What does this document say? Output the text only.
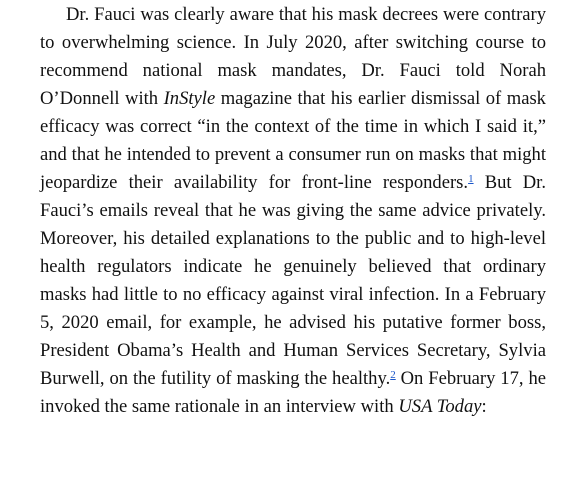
Dr. Fauci was clearly aware that his mask decrees were contrary to overwhelming science. In July 2020, after switching course to recommend national mask mandates, Dr. Fauci told Norah O’Donnell with InStyle magazine that his earlier dismissal of mask efficacy was correct “in the context of the time in which I said it,” and that he intended to prevent a consumer run on masks that might jeopardize their availability for front-line responders.$^1$ But Dr. Fauci’s emails reveal that he was giving the same advice privately. Moreover, his detailed explanations to the public and to high-level health regulators indicate he genuinely believed that ordinary masks had little to no efficacy against viral infection. In a February 5, 2020 email, for example, he advised his putative former boss, President Obama’s Health and Human Services Secretary, Sylvia Burwell, on the futility of masking the healthy.$^2$ On February 17, he invoked the same rationale in an interview with USA Today:
